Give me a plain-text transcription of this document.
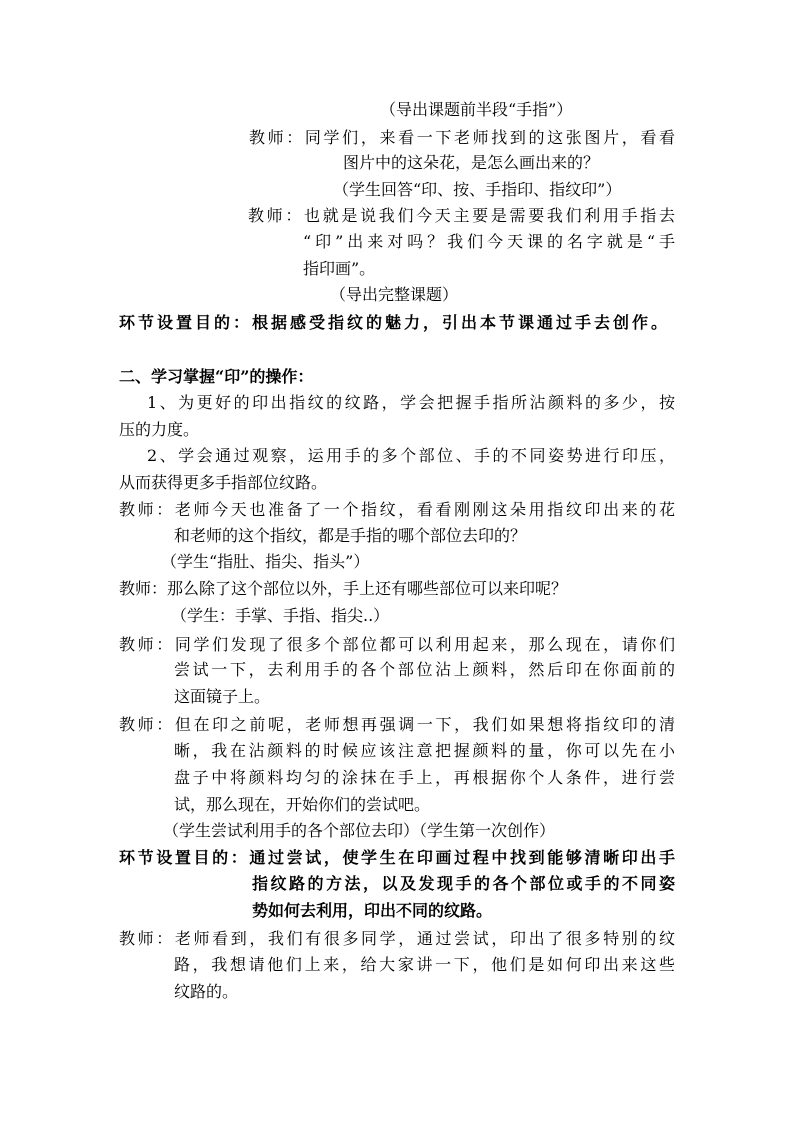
（导出课题前半段“手指”）
教师：同学们，来看一下老师找到的这张图片，看看
图片中的这朵花，是怎么画出来的？
（学生回答“印、按、手指印、指纹印”）
教师：也就是说我们今天主要是需要我们利用手指去
“印”出来对吗？我们今天课的名字就是“手
指印画”。
（导出完整课题）
环节设置目的：根据感受指纹的魅力，引出本节课通过手去创作。
二、学习掌握“印”的操作：
1、为更好的印出指纹的纹路，学会把握手指所沾颜料的多少，按
压的力度。
2、学会通过观察，运用手的多个部位、手的不同姿势进行印压，
从而获得更多手指部位纹路。
教师：老师今天也准备了一个指纹，看看刚刚这朵用指纹印出来的花
和老师的这个指纹，都是手指的哪个部位去印的？
（学生“指肚、指尖、指头”）
教师：那么除了这个部位以外，手上还有哪些部位可以来印呢？
（学生：手掌、手指、指尖..）
教师：同学们发现了很多个部位都可以利用起来，那么现在，请你们
尝试一下，去利用手的各个部位沾上颜料，然后印在你面前的
这面镜子上。
教师：但在印之前呢，老师想再强调一下，我们如果想将指纹印的清
晰，我在沾颜料的时候应该注意把握颜料的量，你可以先在小
盘子中将颜料均匀的涂抹在手上，再根据你个人条件，进行尝
试，那么现在，开始你们的尝试吧。
（学生尝试利用手的各个部位去印）（学生第一次创作）
环节设置目的：通过尝试，使学生在印画过程中找到能够清晰印出手
指纹路的方法，以及发现手的各个部位或手的不同姿
势如何去利用，印出不同的纹路。
教师：老师看到，我们有很多同学，通过尝试，印出了很多特别的纹
路，我想请他们上来，给大家讲一下，他们是如何印出来这些
纹路的。
